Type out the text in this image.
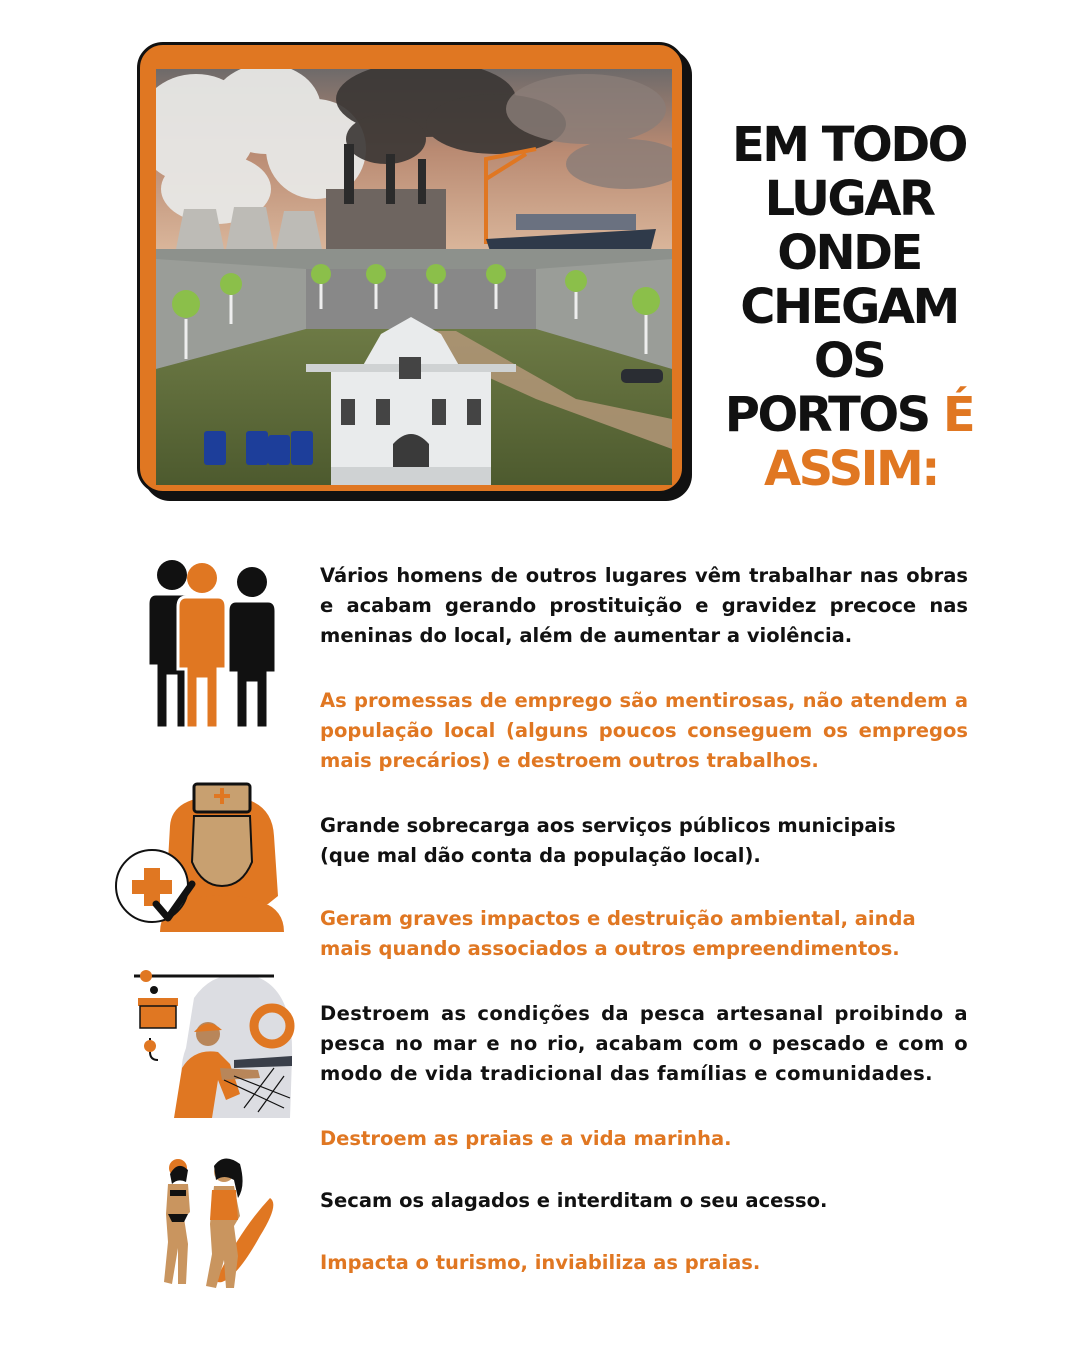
EM TODO
LUGAR
ONDE
CHEGAM OS
PORTOS É
ASSIM:

Vários homens de outros lugares vêm trabalhar nas obras e acabam gerando prostituição e gravidez precoce nas meninas do local, além de aumentar a violência.

As promessas de emprego são mentirosas, não atendem a população local (alguns poucos conseguem os empregos mais precários) e destroem outros trabalhos.

Grande sobrecarga aos serviços públicos municipais
(que mal dão conta da população local).
Geram graves impactos e destruição ambiental, ainda
mais quando associados a outros empreendimentos.

Destroem as condições da pesca artesanal proibindo a pesca no mar e no rio, acabam com o pescado e com o modo de vida tradicional das famílias e comunidades.

Destroem as praias e a vida marinha.

Secam os alagados e interditam o seu acesso.

Impacta o turismo, inviabiliza as praias.
